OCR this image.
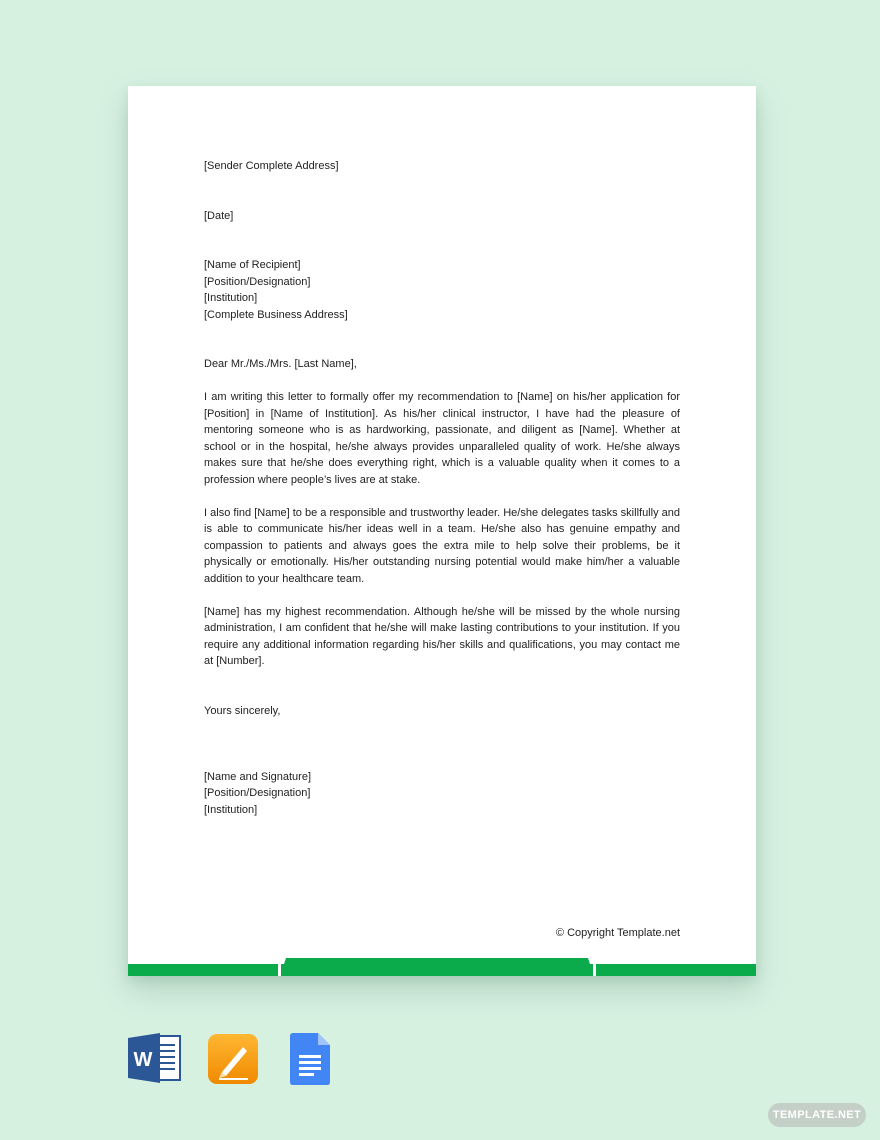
[Sender Complete Address]

[Date]

[Name of Recipient]
[Position/Designation]
[Institution]
[Complete Business Address]

Dear Mr./Ms./Mrs. [Last Name],

I am writing this letter to formally offer my recommendation to [Name] on his/her application for [Position] in [Name of Institution]. As his/her clinical instructor, I have had the pleasure of mentoring someone who is as hardworking, passionate, and diligent as [Name]. Whether at school or in the hospital, he/she always provides unparalleled quality of work. He/she always makes sure that he/she does everything right, which is a valuable quality when it comes to a profession where people’s lives are at stake.

I also find [Name] to be a responsible and trustworthy leader. He/she delegates tasks skillfully and is able to communicate his/her ideas well in a team. He/she also has genuine empathy and compassion to patients and always goes the extra mile to help solve their problems, be it physically or emotionally. His/her outstanding nursing potential would make him/her a valuable addition to your healthcare team.

[Name] has my highest recommendation. Although he/she will be missed by the whole nursing administration, I am confident that he/she will make lasting contributions to your institution. If you require any additional information regarding his/her skills and qualifications, you may contact me at [Number].

Yours sincerely,

[Name and Signature]
[Position/Designation]
[Institution]
© Copyright Template.net
W
TEMPLATE.NET
